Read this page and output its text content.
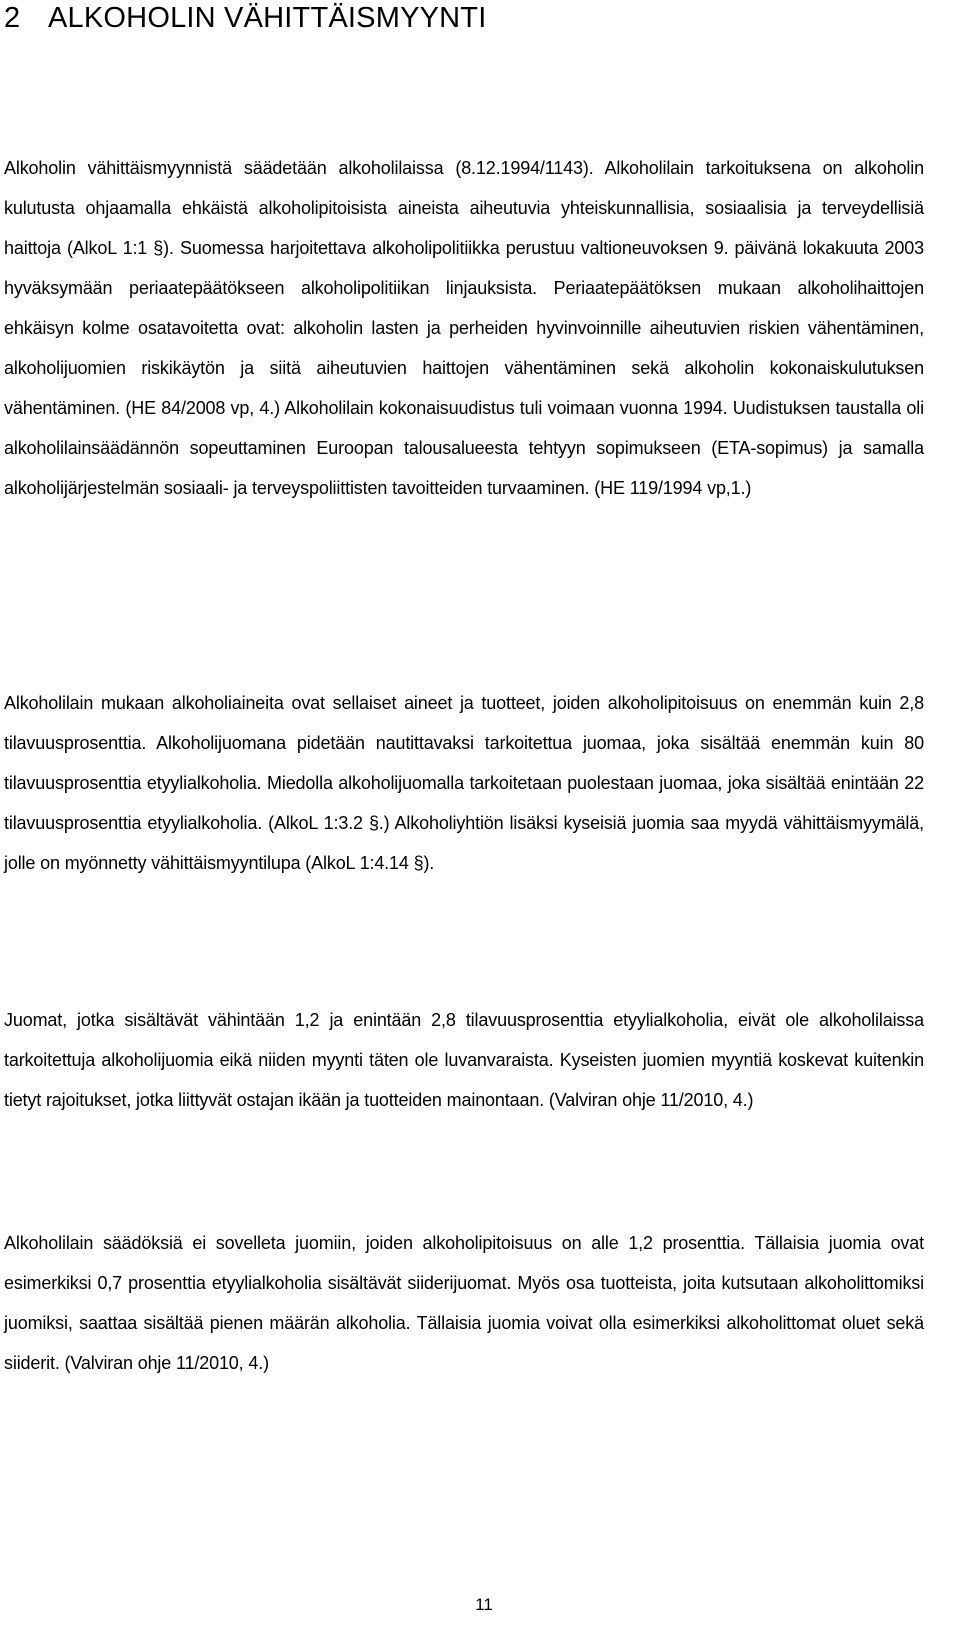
2 ALKOHOLIN VÄHITTÄISMYYNTI

Alkoholin vähittäismyynnistä säädetään alkoholilaissa (8.12.1994/1143). Alkoholilain tarkoituksena on alkoholin kulutusta ohjaamalla ehkäistä alkoholipitoisista aineista aiheutuvia yhteiskunnallisia, sosiaalisia ja terveydellisiä haittoja (AlkoL 1:1 §). Suomessa harjoitettava alkoholipolitiikka perustuu valtioneuvoksen 9. päivänä lokakuuta 2003 hyväksymään periaatepäätökseen alkoholipolitiikan linjauksista. Periaatepäätöksen mukaan alkoholihaittojen ehkäisyn kolme osatavoitetta ovat: alkoholin lasten ja perheiden hyvinvoinnille aiheutuvien riskien vähentäminen, alkoholijuomien riskikäytön ja siitä aiheutuvien haittojen vähentäminen sekä alkoholin kokonaiskulutuksen vähentäminen. (HE 84/2008 vp, 4.) Alkoholilain kokonaisuudistus tuli voimaan vuonna 1994. Uudistuksen taustalla oli alkoholilainsäädännön sopeuttaminen Euroopan talousalueesta tehtyyn sopimukseen (ETA-sopimus) ja samalla alkoholijärjestelmän sosiaali- ja terveyspoliittisten tavoitteiden turvaaminen. (HE 119/1994 vp,1.)

Alkoholilain mukaan alkoholiaineita ovat sellaiset aineet ja tuotteet, joiden alkoholipitoisuus on enemmän kuin 2,8 tilavuusprosenttia. Alkoholijuomana pidetään nautittavaksi tarkoitettua juomaa, joka sisältää enemmän kuin 80 tilavuusprosenttia etyylialkoholia. Miedolla alkoholijuomalla tarkoitetaan puolestaan juomaa, joka sisältää enintään 22 tilavuusprosenttia etyylialkoholia. (AlkoL 1:3.2 §.) Alkoholiyhtiön lisäksi kyseisiä juomia saa myydä vähittäismyymälä, jolle on myönnetty vähittäismyyntilupa (AlkoL 1:4.14 §).

Juomat, jotka sisältävät vähintään 1,2 ja enintään 2,8 tilavuusprosenttia etyylialkoholia, eivät ole alkoholilaissa tarkoitettuja alkoholijuomia eikä niiden myynti täten ole luvanvaraista. Kyseisten juomien myyntiä koskevat kuitenkin tietyt rajoitukset, jotka liittyvät ostajan ikään ja tuotteiden mainontaan. (Valviran ohje 11/2010, 4.)

Alkoholilain säädöksiä ei sovelleta juomiin, joiden alkoholipitoisuus on alle 1,2 prosenttia. Tällaisia juomia ovat esimerkiksi 0,7 prosenttia etyylialkoholia sisältävät siiderijuomat. Myös osa tuotteista, joita kutsutaan alkoholittomiksi juomiksi, saattaa sisältää pienen määrän alkoholia. Tällaisia juomia voivat olla esimerkiksi alkoholittomat oluet sekä siiderit. (Valviran ohje 11/2010, 4.)

11
